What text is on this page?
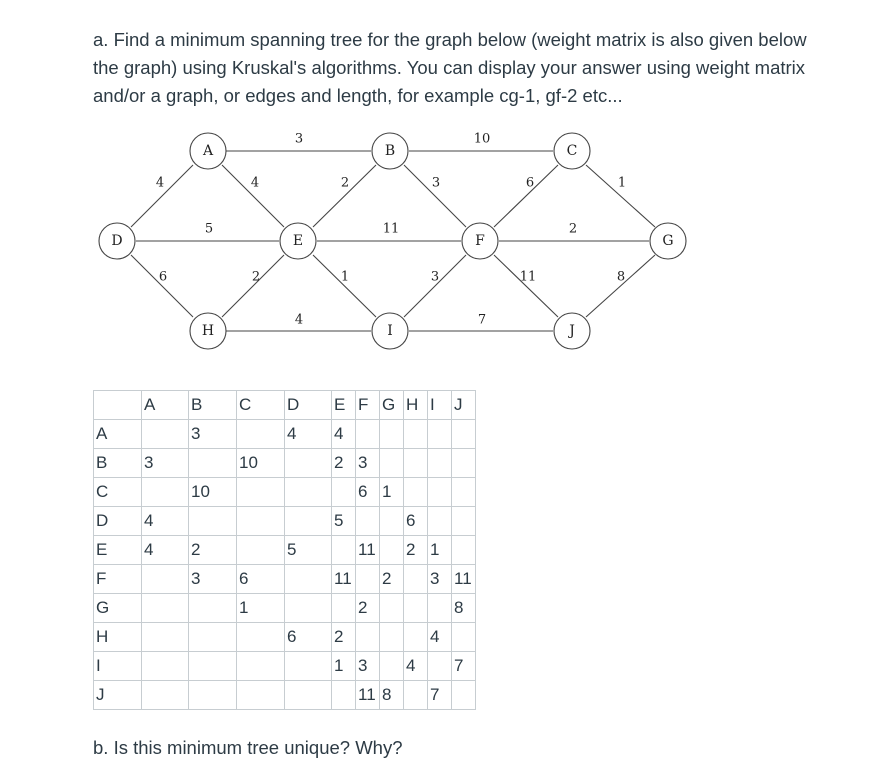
a. Find a minimum spanning tree for the graph below (weight matrix is also given below the graph) using Kruskal's algorithms. You can display your answer using weight matrix and/or a graph, or edges and length, for example cg-1, gf-2 etc...

3	10
4	4	2	3	6	1
5	11	2
6	2	1	3	11	8
4	7
A	B	C
D	E	F	G
H	I	J
	A	B	C	D	E	F	G	H	I	J
A		3		4	4					
B	3		10		2	3				
C		10				6	1			
D	4				5			6		
E	4	2		5		11		2	1	
F		3	6		11		2		3	11
G			1			2				8
H				6	2				4	
I					1	3		4		7
J						11	8		7	

b. Is this minimum tree unique? Why?
